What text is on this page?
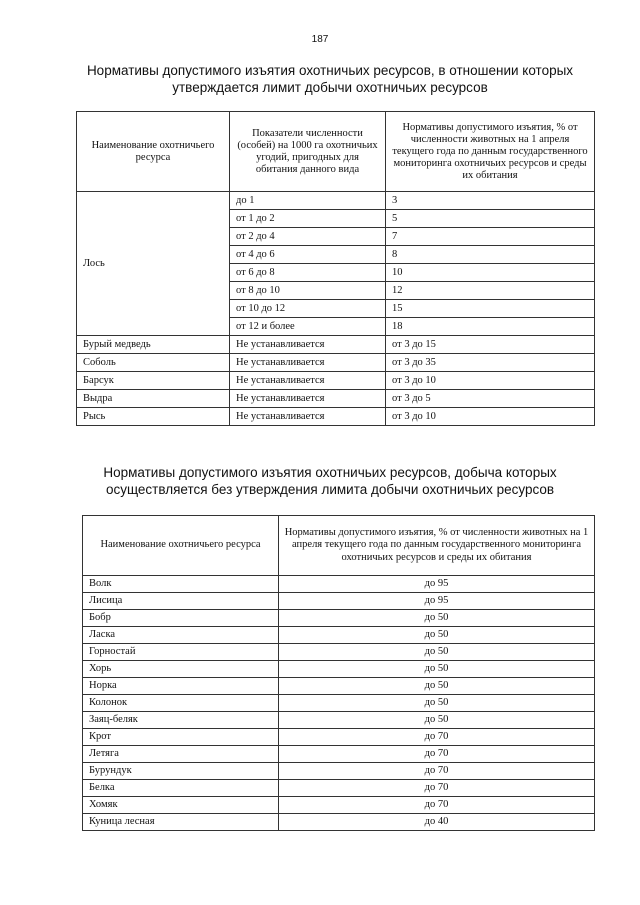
187
Нормативы допустимого изъятия охотничьих ресурсов, в отношении которых
утверждается лимит добычи охотничьих ресурсов
Наименование охотничьего ресурса	Показатели численности (особей) на 1000 га охотничьих угодий, пригодных для обитания данного вида	Нормативы допустимого изъятия, % от численности животных на 1 апреля текущего года по данным государственного мониторинга охотничьих ресурсов и среды их обитания
Лось	до 1	3
	от 1 до 2	5
	от 2 до 4	7
	от 4 до 6	8
	от 6 до 8	10
	от 8 до 10	12
	от 10 до 12	15
	от 12 и более	18
Бурый медведь	Не устанавливается	от 3 до 15
Соболь	Не устанавливается	от 3 до 35
Барсук	Не устанавливается	от 3 до 10
Выдра	Не устанавливается	от 3 до 5
Рысь	Не устанавливается	от 3 до 10
Нормативы допустимого изъятия охотничьих ресурсов, добыча которых
осуществляется без утверждения лимита добычи охотничьих ресурсов
Наименование охотничьего ресурса	Нормативы допустимого изъятия, % от численности животных на 1 апреля текущего года по данным государственного мониторинга охотничьих ресурсов и среды их обитания
Волк	до 95
Лисица	до 95
Бобр	до 50
Ласка	до 50
Горностай	до 50
Хорь	до 50
Норка	до 50
Колонок	до 50
Заяц-беляк	до 50
Крот	до 70
Летяга	до 70
Бурундук	до 70
Белка	до 70
Хомяк	до 70
Куница лесная	до 40
